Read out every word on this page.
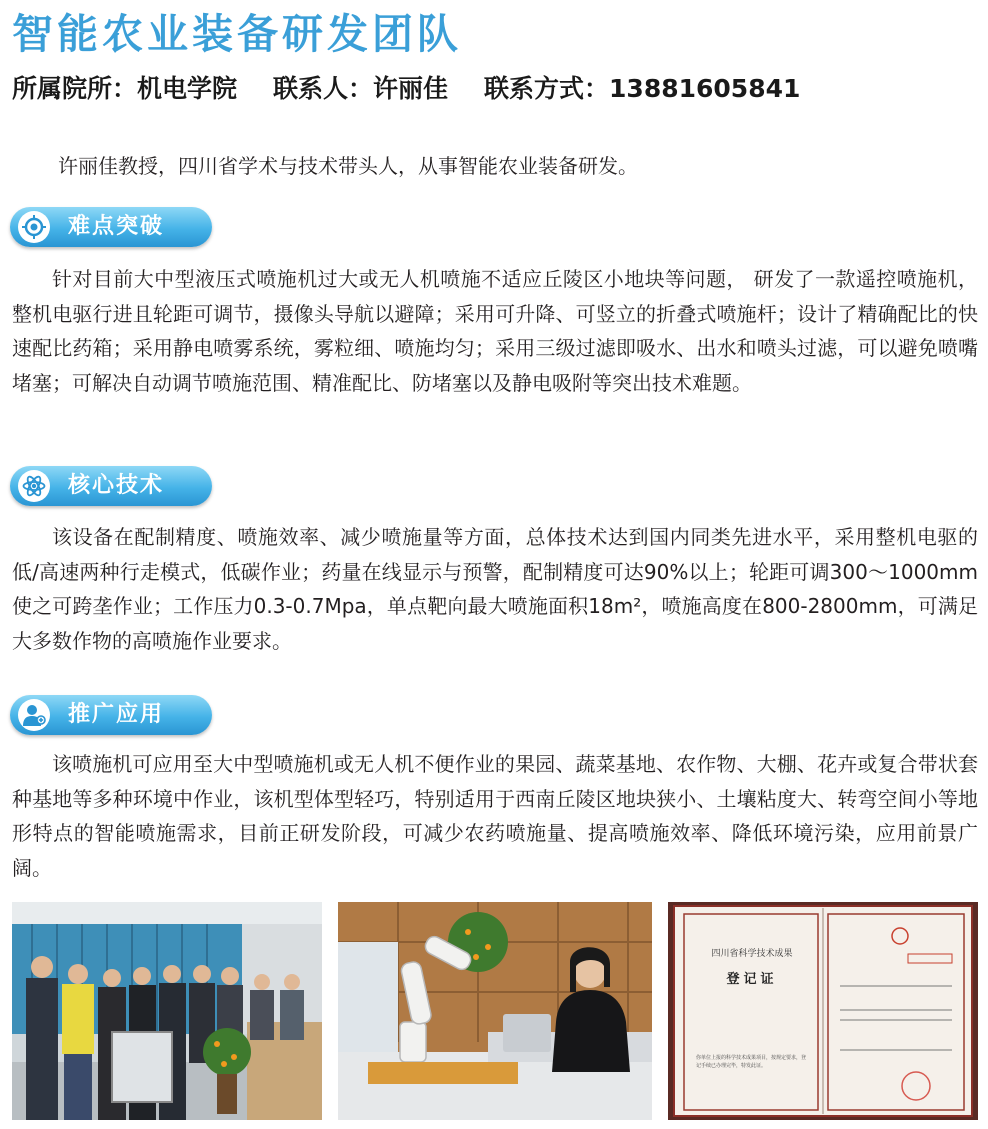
智能农业装备研发团队
所属院所：机电学院 联系人：许丽佳 联系方式：13881605841
许丽佳教授，四川省学术与技术带头人，从事智能农业装备研发。
难点突破
针对目前大中型液压式喷施机过大或无人机喷施不适应丘陵区小地块等问题， 研发了一款遥控喷施机，整机电驱行进且轮距可调节，摄像头导航以避障；采用可升降、可竖立的折叠式喷施杆；设计了精确配比的快速配比药箱；采用静电喷雾系统，雾粒细、喷施均匀；采用三级过滤即吸水、出水和喷头过滤，可以避免喷嘴堵塞；可解决自动调节喷施范围、精准配比、防堵塞以及静电吸附等突出技术难题。
核心技术
该设备在配制精度、喷施效率、减少喷施量等方面，总体技术达到国内同类先进水平，采用整机电驱的低/高速两种行走模式，低碳作业；药量在线显示与预警，配制精度可达90%以上；轮距可调300～1000mm使之可跨垄作业；工作压力0.3-0.7Mpa，单点靶向最大喷施面积18m²，喷施高度在800-2800mm，可满足大多数作物的高喷施作业要求。
推广应用
该喷施机可应用至大中型喷施机或无人机不便作业的果园、蔬菜基地、农作物、大棚、花卉或复合带状套种基地等多种环境中作业，该机型体型轻巧，特别适用于西南丘陵区地块狭小、土壤粘度大、转弯空间小等地形特点的智能喷施需求，目前正研发阶段，可减少农药喷施量、提高喷施效率、降低环境污染，应用前景广阔。
四川省科学技术成果
登记证
你单位上报的科学技术成果项目，按规定要求，登记手续已办理完毕，特发此证。
